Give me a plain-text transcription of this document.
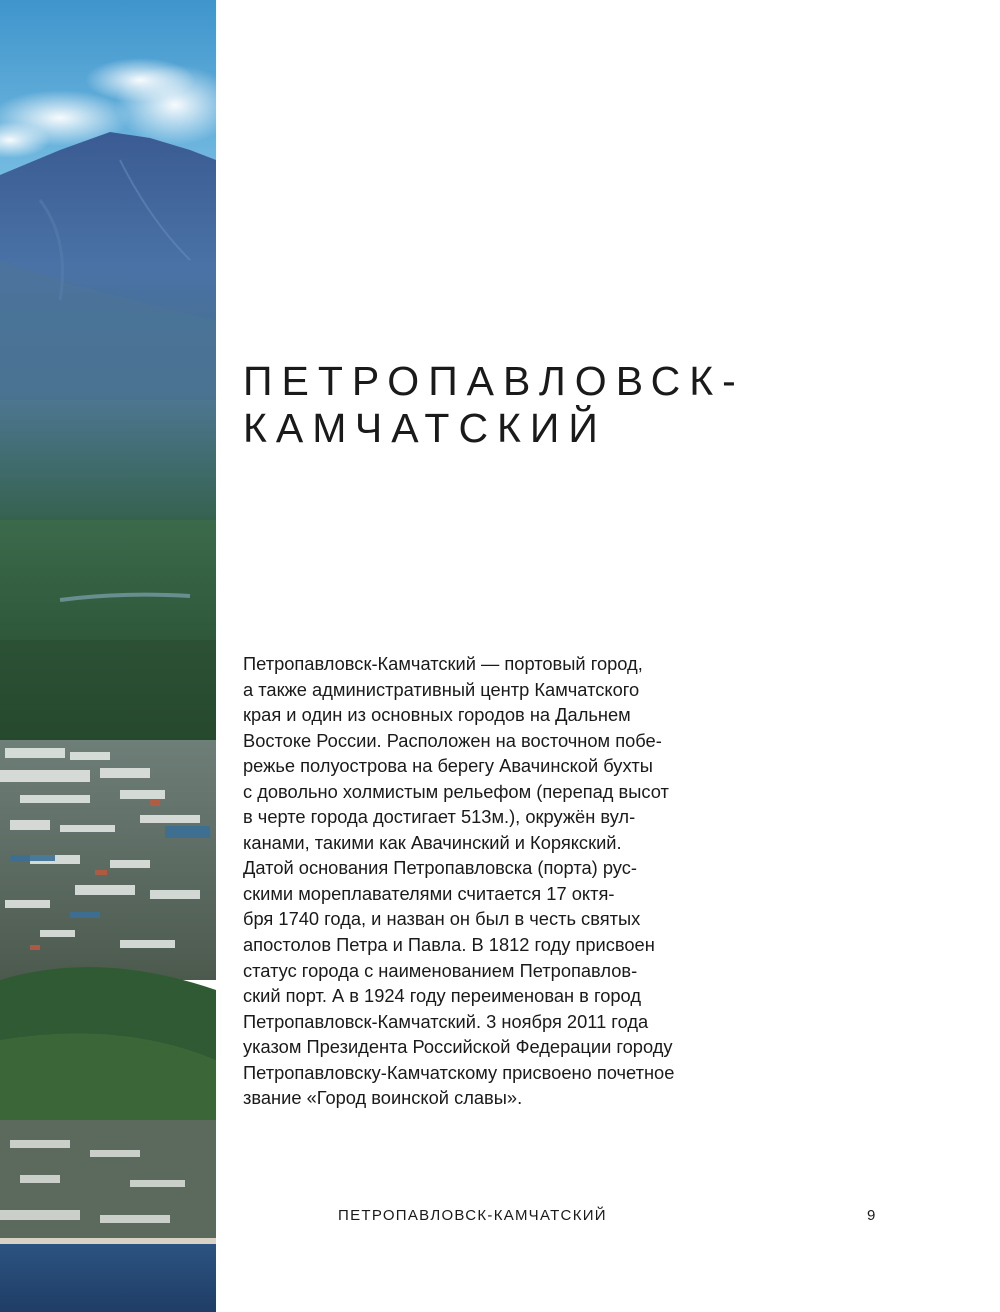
ПЕТРОПАВЛОВСК-
КАМЧАТСКИЙ

Петропавловск-Камчатский — портовый город,
а также административный центр Камчатского
края и один из основных городов на Дальнем
Востоке России. Расположен на восточном побе-
режье полуострова на берегу Авачинской бухты
с довольно холмистым рельефом (перепад высот
в черте города достигает 513м.), окружён вул-
канами, такими как Авачинский и Корякский.
Датой основания Петропавловска (порта) рус-
скими мореплавателями считается 17 октя-
бря 1740 года, и назван он был в честь святых
апостолов Петра и Павла. В 1812 году присвоен
статус города с наименованием Петропавлов-
ский порт. А в 1924 году переименован в город
Петропавловск-Камчатский. 3 ноября 2011 года
указом Президента Российской Федерации городу
Петропавловску-Камчатскому присвоено почетное
звание «Город воинской славы».

ПЕТРОПАВЛОВСК-КАМЧАТСКИЙ	9
